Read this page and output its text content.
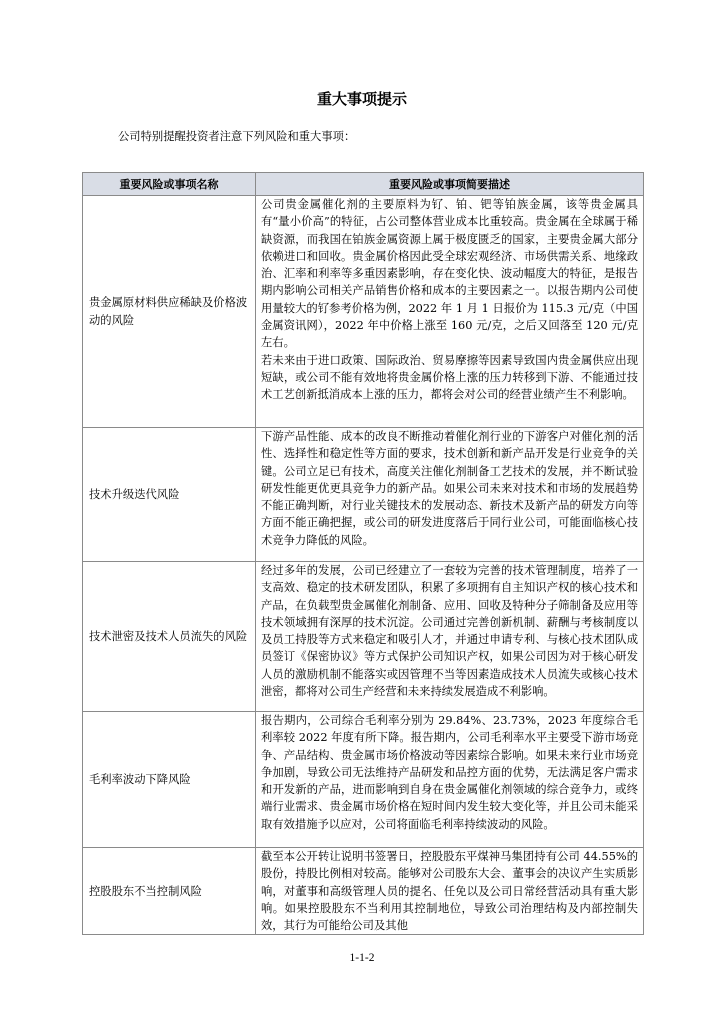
重大事项提示
公司特别提醒投资者注意下列风险和重大事项：
重要风险或事项名称	重要风险或事项简要描述
贵金属原材料供应稀缺及价格波动的风险	公司贵金属催化剂的主要原料为钌、铂、钯等铂族金属，该等贵金属具有“量小价高”的特征，占公司整体营业成本比重较高。贵金属在全球属于稀缺资源，而我国在铂族金属资源上属于极度匮乏的国家，主要贵金属大部分依赖进口和回收。贵金属价格因此受全球宏观经济、市场供需关系、地缘政治、汇率和利率等多重因素影响，存在变化快、波动幅度大的特征，是报告期内影响公司相关产品销售价格和成本的主要因素之一。以报告期内公司使用量较大的钌参考价格为例，2022 年 1 月 1 日报价为 115.3 元/克（中国金属资讯网），2022 年中价格上涨至 160 元/克，之后又回落至 120 元/克左右。

若未来由于进口政策、国际政治、贸易摩擦等因素导致国内贵金属供应出现短缺，或公司不能有效地将贵金属价格上涨的压力转移到下游、不能通过技术工艺创新抵消成本上涨的压力，都将会对公司的经营业绩产生不利影响。

技术升级迭代风险	下游产品性能、成本的改良不断推动着催化剂行业的下游客户对催化剂的活性、选择性和稳定性等方面的要求，技术创新和新产品开发是行业竞争的关键。公司立足已有技术，高度关注催化剂制备工艺技术的发展，并不断试验研发性能更优更具竞争力的新产品。如果公司未来对技术和市场的发展趋势不能正确判断，对行业关键技术的发展动态、新技术及新产品的研发方向等方面不能正确把握，或公司的研发进度落后于同行业公司，可能面临核心技术竞争力降低的风险。

技术泄密及技术人员流失的风险	经过多年的发展，公司已经建立了一套较为完善的技术管理制度，培养了一支高效、稳定的技术研发团队，积累了多项拥有自主知识产权的核心技术和产品，在负载型贵金属催化剂制备、应用、回收及特种分子筛制备及应用等技术领域拥有深厚的技术沉淀。公司通过完善创新机制、薪酬与考核制度以及员工持股等方式来稳定和吸引人才，并通过申请专利、与核心技术团队成员签订《保密协议》等方式保护公司知识产权，如果公司因为对于核心研发人员的激励机制不能落实或因管理不当等因素造成技术人员流失或核心技术泄密，都将对公司生产经营和未来持续发展造成不利影响。

毛利率波动下降风险	报告期内，公司综合毛利率分别为 29.84%、23.73%，2023 年度综合毛利率较 2022 年度有所下降。报告期内，公司毛利率水平主要受下游市场竞争、产品结构、贵金属市场价格波动等因素综合影响。如果未来行业市场竞争加剧，导致公司无法维持产品研发和品控方面的优势，无法满足客户需求和开发新的产品，进而影响到自身在贵金属催化剂领域的综合竞争力，或终端行业需求、贵金属市场价格在短时间内发生较大变化等，并且公司未能采取有效措施予以应对，公司将面临毛利率持续波动的风险。

控股股东不当控制风险	截至本公开转让说明书签署日，控股股东平煤神马集团持有公司 44.55%的股份，持股比例相对较高。能够对公司股东大会、董事会的决议产生实质影响，对董事和高级管理人员的提名、任免以及公司日常经营活动具有重大影响。如果控股股东不当利用其控制地位，导致公司治理结构及内部控制失效，其行为可能给公司及其他

1-1-2
